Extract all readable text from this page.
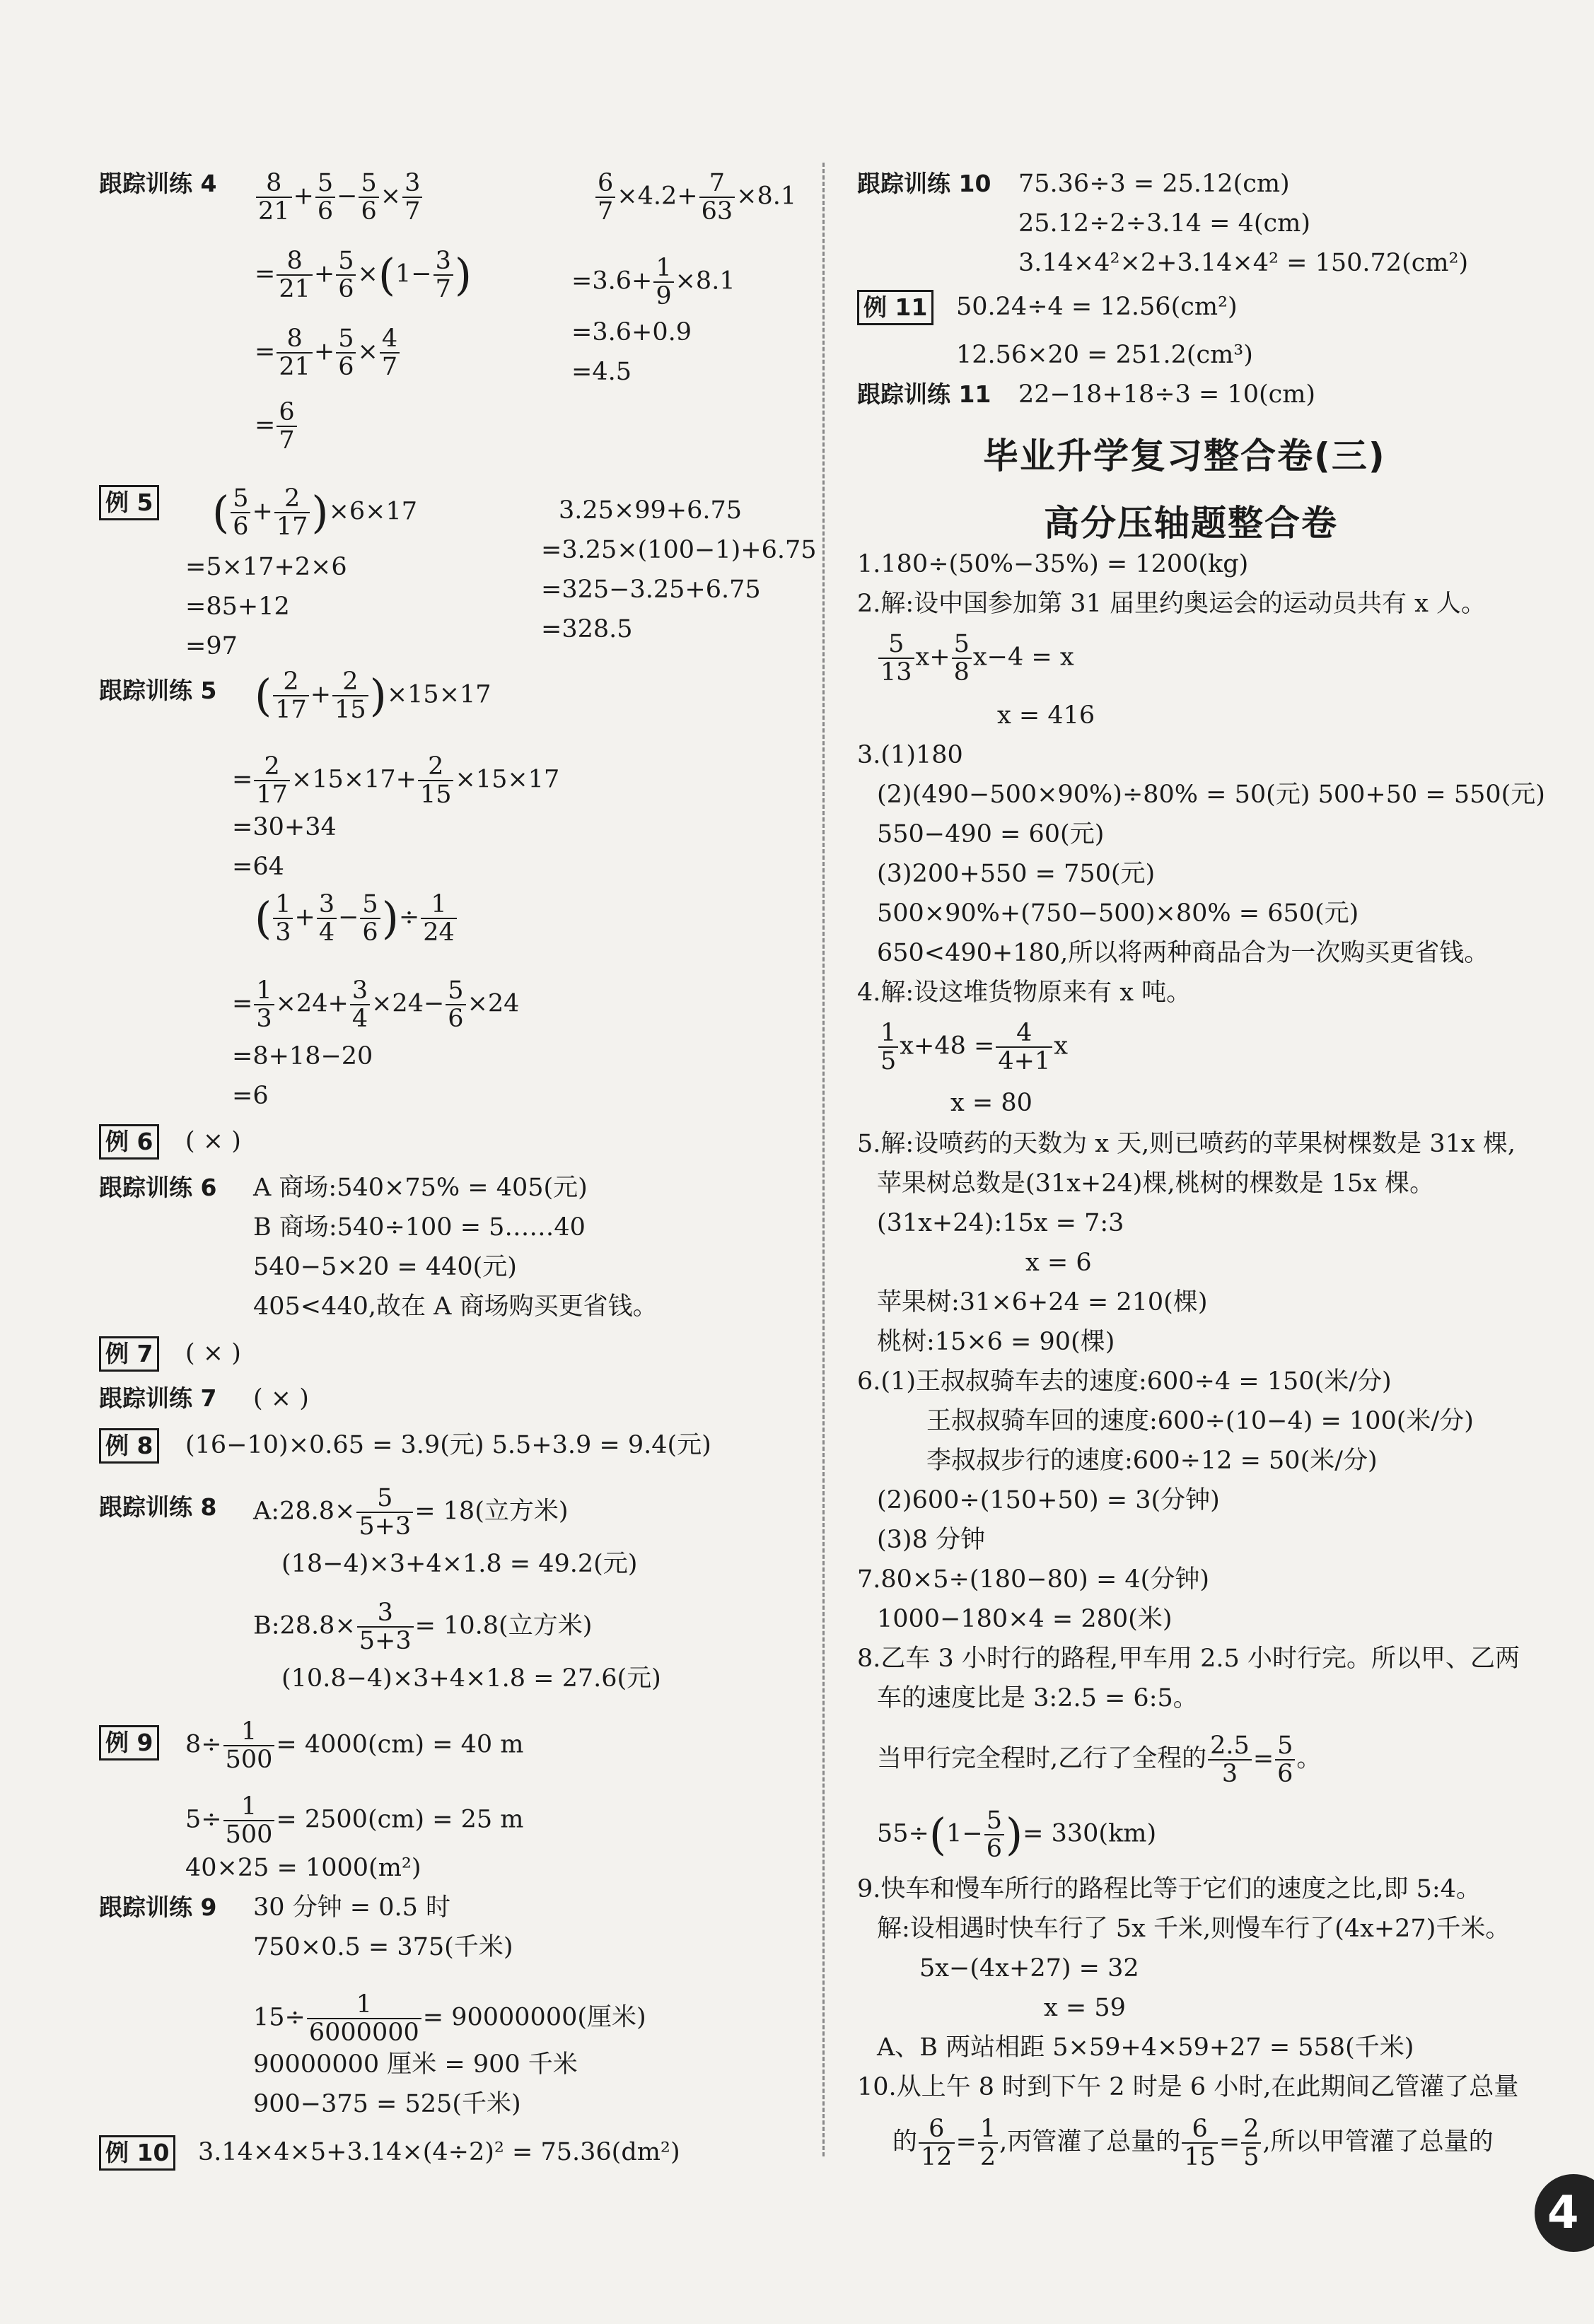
跟踪训练 $4 \frac{8}{21} + \frac{5}{6} - \frac{5}{6} \times \frac{3}{7}$	$\frac{6}{7} \times 4.2+ \frac{7}{63} \times 8.1$
= $\frac{8}{21} + \frac{5}{6} \times(1- \frac{3}{7}$ )	$=3.6+ \frac{1}{9} \times 8.1$
= $\frac{8}{21} + \frac{5}{6} \times \frac{4}{7}$	=3.6+0.9
=4.5
= $\frac{6}{7}$
例 5 ( $\frac{5}{6} + \frac{2}{17} )\times 6\times 17$	3.25×99+6.75
=5×17+2×6
=3.25×(100−1)+6.75
=85+12
=325−3.25+6.75
=97
=328.5
跟踪训练 5 ( $\frac{2}{17} + \frac{2}{15} )\times 15\times 17$
= $\frac{2}{17} \times 15\times 17+ \frac{2}{15} \times 15\times 17$
=30+34
=64
( $\frac{1}{3} + \frac{3}{4} - \frac{5}{6}$ )÷ $\frac{1}{24}$
= $\frac{1}{3} \times 24+ \frac{3}{4} \times 24- \frac{5}{6} \times 24$
=8+18−20
=6
例 6 ( × )
跟踪训练 6 A 商场:540×75% = 405(元)
B 商场:540÷100 = 5……40
540−5×20 = 440(元)
405<440,故在 A 商场购买更省钱。
例 7 ( × )
跟踪训练 7 ( × )
例 8 (16−10)×0.65 = 3.9(元) 5.5+3.9 = 9.4(元)
跟踪训练 8 A:28.8× $\frac{5}{5+3} = 18$(立方米)
(18−4)×3+4×1.8 = 49.2(元)
B:28.8× $\frac{3}{5+3} = 10.8$(立方米)
(10.8−4)×3+4×1.8 = 27.6(元)
例 9 $8\div \frac{1}{500} = 4000(cm) = 40$ m
$5\div \frac{1}{500} = 2500(cm) = 25$ m
40×25 = 1000(m²)
跟踪训练 9 30 分钟 = 0.5 时
750×0.5 = 375(千米)
$15\div \frac{1}{6000000} = 90000000$(厘米)
90000000 厘米 = 900 千米
900−375 = 525(千米)
例 10 3.14×4×5+3.14×(4÷2)² = 75.36(dm²)
跟踪训练 10 75.36÷3 = 25.12(cm)
25.12÷2÷3.14 = 4(cm)
3.14×4²×2+3.14×4² = 150.72(cm²)
例 11 50.24÷4 = 12.56(cm²)
12.56×20 = 251.2(cm³)
跟踪训练 11 22−18+18÷3 = 10(cm)
毕业升学复习整合卷(三)
高分压轴题整合卷
1.180÷(50%−35%) = 1200(kg)
2.解:设中国参加第 31 届里约奥运会的运动员共有 x 人。
$\frac{5}{13} x+ \frac{5}{8} x-4 = x$
x = 416
3.(1)180
(2)(490−500×90%)÷80% = 50(元) 500+50 = 550(元)
550−490 = 60(元)
(3)200+550 = 750(元)
500×90%+(750−500)×80% = 650(元)
650<490+180,所以将两种商品合为一次购买更省钱。
4.解:设这堆货物原来有 x 吨。
$\frac{1}{5} x+48 = \frac{4}{4+1}$ x
x = 80
5.解:设喷药的天数为 x 天,则已喷药的苹果树棵数是 31x 棵,
苹果树总数是(31x+24)棵,桃树的棵数是 15x 棵。
(31x+24):15x = 7:3
x = 6
苹果树:31×6+24 = 210(棵)
桃树:15×6 = 90(棵)
6.(1)王叔叔骑车去的速度:600÷4 = 150(米/分)
王叔叔骑车回的速度:600÷(10−4) = 100(米/分)
李叔叔步行的速度:600÷12 = 50(米/分)
(2)600÷(150+50) = 3(分钟)
(3)8 分钟
7.80×5÷(180−80) = 4(分钟)
1000−180×4 = 280(米)
8.乙车 3 小时行的路程,甲车用 2.5 小时行完。所以甲、乙两
车的速度比是 3:2.5 = 6:5。
当甲行完全程时,乙行了全程的 $\frac{2.5}{3} = \frac{5}{6}$ 。
$55\div(1- \frac{5}{6}$ )= 330(km)
9.快车和慢车所行的路程比等于它们的速度之比,即 5:4。
解:设相遇时快车行了 5x 千米,则慢车行了(4x+27)千米。
5x−(4x+27) = 32
x = 59
A、B 两站相距 5×59+4×59+27 = 558(千米)
10.从上午 8 时到下午 2 时是 6 小时,在此期间乙管灌了总量
的 $\frac{6}{12} = \frac{1}{2}$ ,丙管灌了总量的 $\frac{6}{15} = \frac{2}{5}$ ,所以甲管灌了总量的
4
